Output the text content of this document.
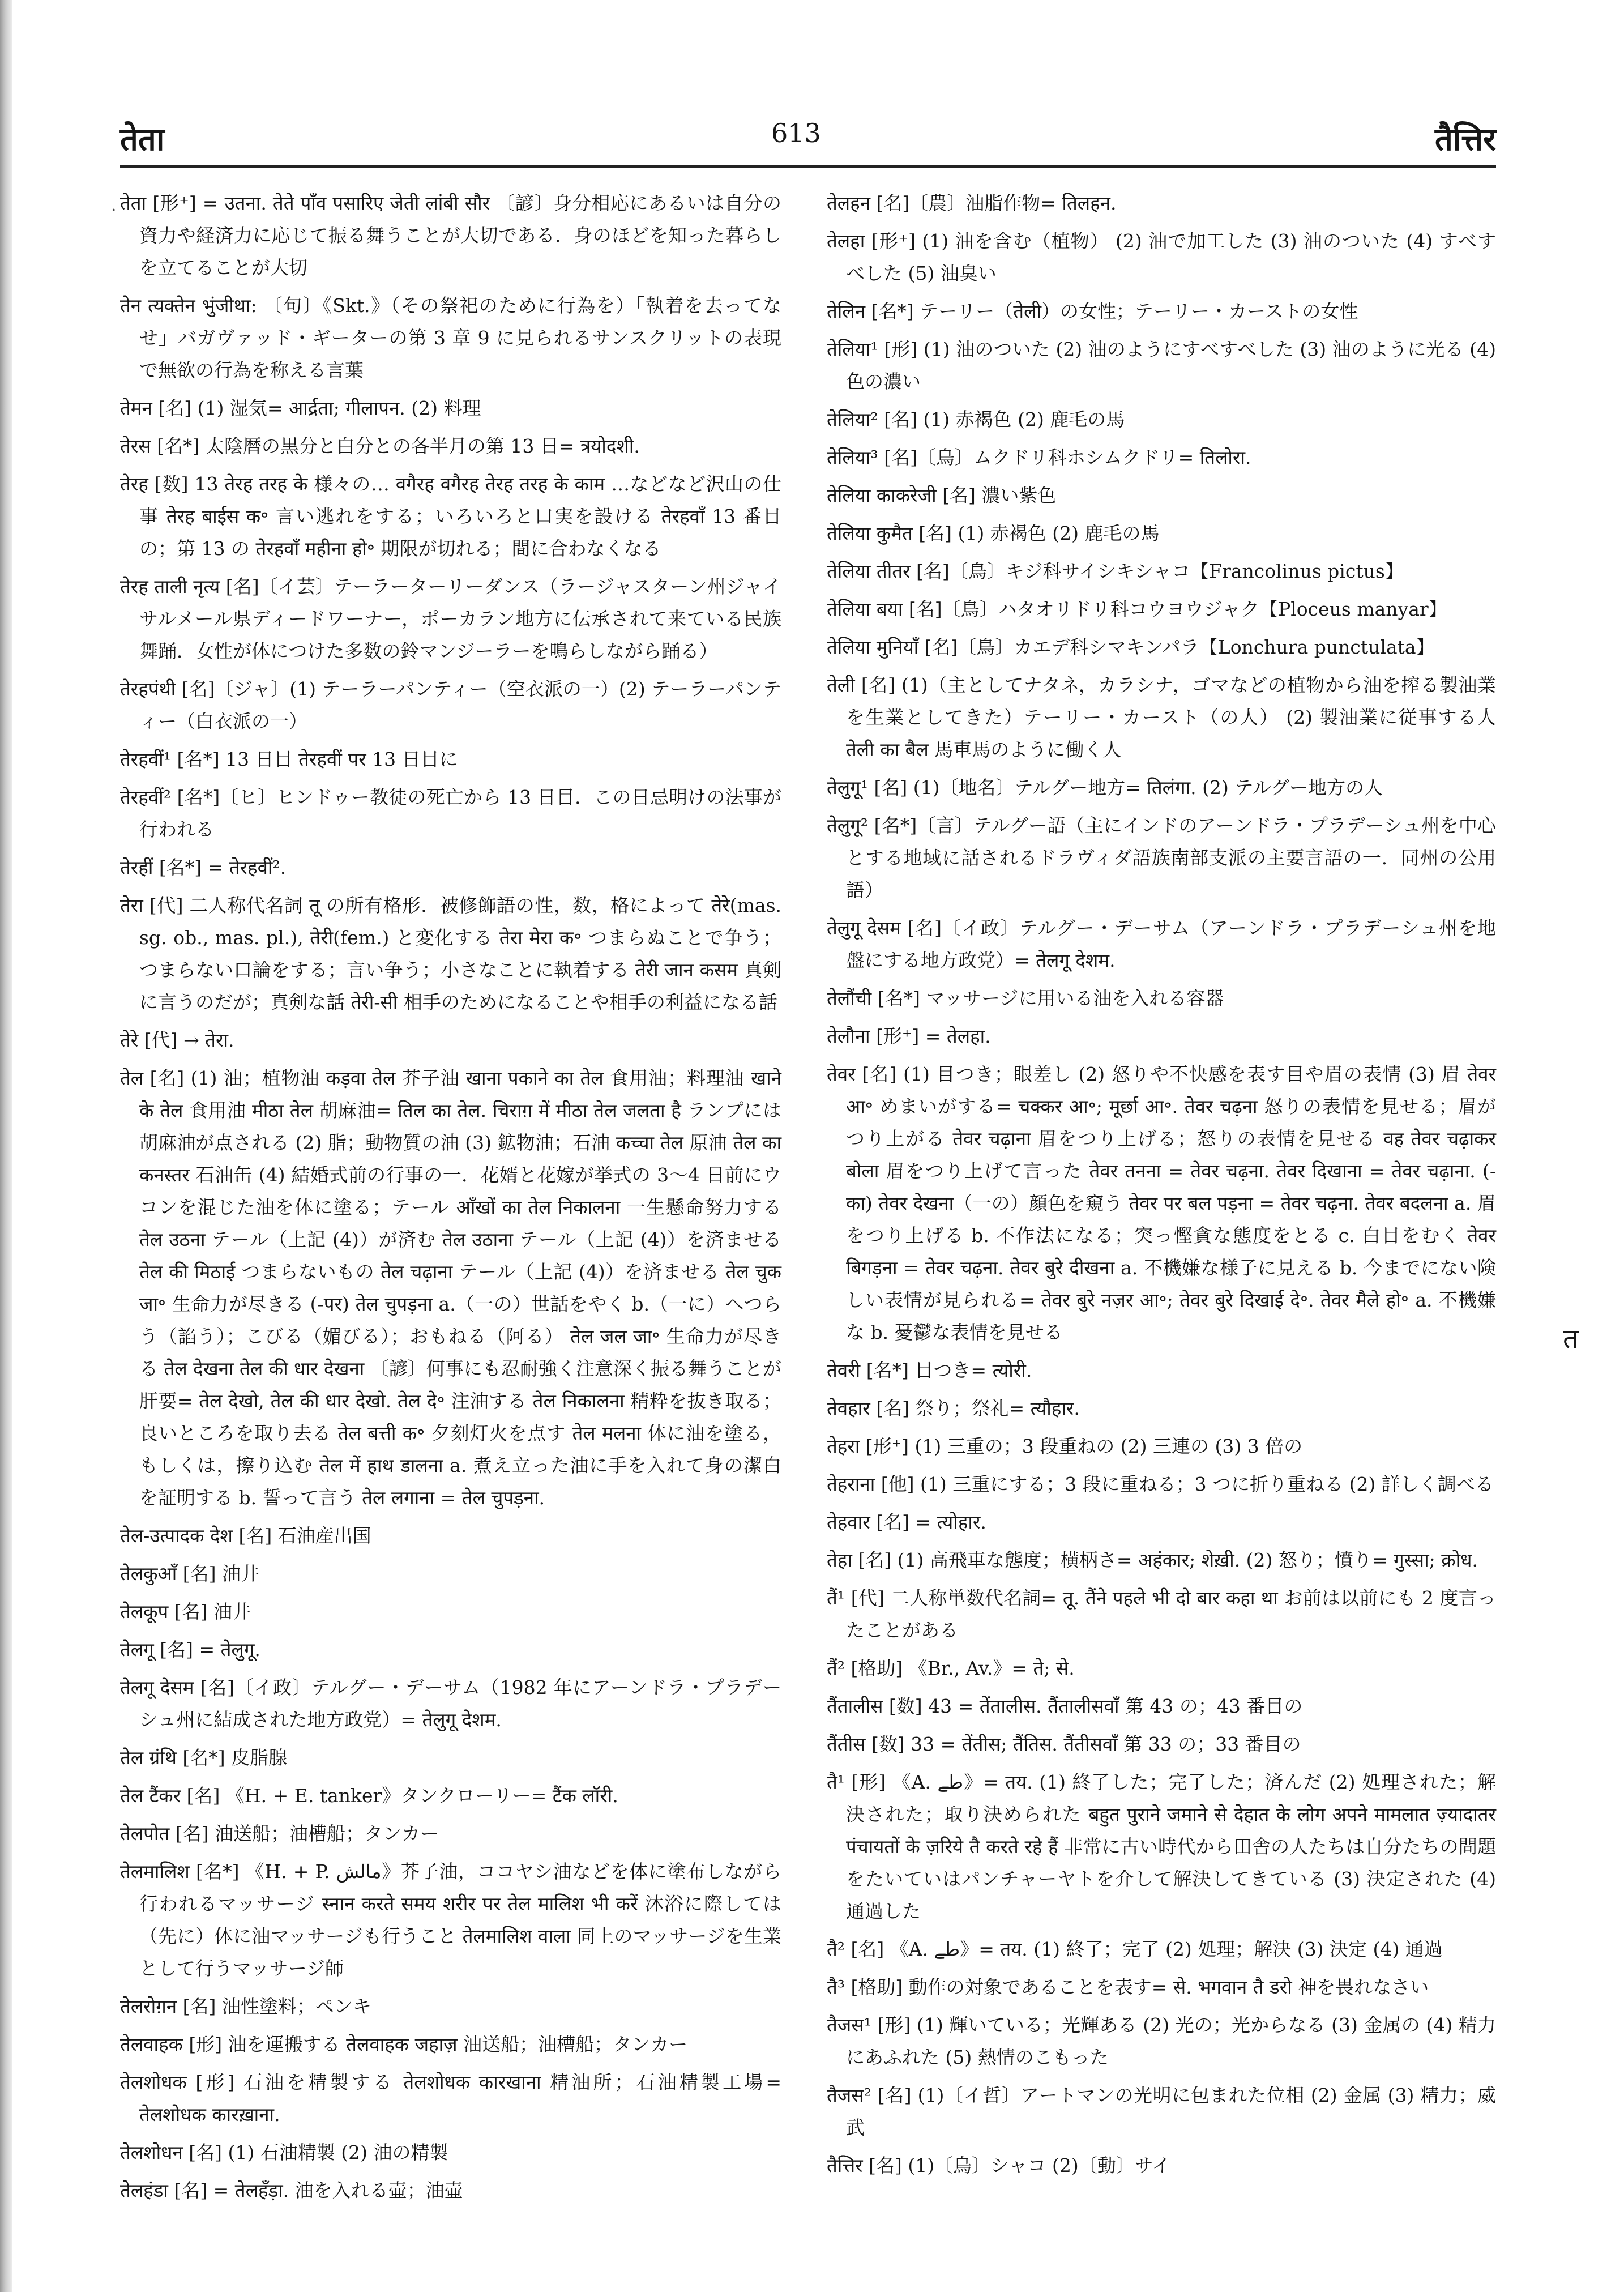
तेता	613	तैत्तिर
· तेता [形⁺] = उतना. तेते पाँव पसारिए जेती लांबी सौर 〔諺〕身分相応にあるいは自分の資力や経済力に応じて振る舞うことが大切である．身のほどを知った暮らしを立てることが大切

तेन त्यक्तेन भुंजीथा: 〔句〕《Skt.》（その祭祀のために行為を）「執着を去ってなせ」バガヴァッド・ギーターの第 3 章 9 に見られるサンスクリットの表現で無欲の行為を称える言葉

तेमन [名] (1) 湿気= आर्द्रता; गीलापन. (2) 料理

तेरस [名*] 太陰暦の黒分と白分との各半月の第 13 日= त्रयोदशी.

तेरह [数] 13 तेरह तरह के 様々の… वगैरह वगैरह तेरह तरह के काम …などなど沢山の仕事 तेरह बाईस क॰ 言い逃れをする；いろいろと口実を設ける तेरहवाँ 13 番目の；第 13 の तेरहवाँ महीना हो॰ 期限が切れる；間に合わなくなる

तेरह ताली नृत्य [名]〔イ芸〕テーラーターリーダンス（ラージャスターン州ジャイサルメール県ディードワーナー，ポーカラン地方に伝承されて来ている民族舞踊．女性が体につけた多数の鈴マンジーラーを鳴らしながら踊る）

तेरहपंथी [名]〔ジャ〕(1) テーラーパンティー（空衣派の一）(2) テーラーパンティー（白衣派の一）

तेरहवीं¹ [名*] 13 日目 तेरहवीं पर 13 日目に

तेरहवीं² [名*]〔ヒ〕ヒンドゥー教徒の死亡から 13 日目．この日忌明けの法事が行われる

तेरहीं [名*] = तेरहवीं².

तेरा [代] 二人称代名詞 तू の所有格形．被修飾語の性，数，格によって तेरे(mas. sg. ob., mas. pl.), तेरी(fem.) と変化する तेरा मेरा क॰ つまらぬことで争う；つまらない口論をする；言い争う；小さなことに執着する तेरी जान कसम 真剣に言うのだが；真剣な話 तेरी-सी 相手のためになることや相手の利益になる話

तेरे [代] → तेरा.

तेल [名] (1) 油；植物油 कड़वा तेल 芥子油 खाना पकाने का तेल 食用油；料理油 खाने के तेल 食用油 मीठा तेल 胡麻油= तिल का तेल. चिराग़ में मीठा तेल जलता है ランプには胡麻油が点される (2) 脂；動物質の油 (3) 鉱物油；石油 कच्चा तेल 原油 तेल का कनस्तर 石油缶 (4) 結婚式前の行事の一．花婿と花嫁が挙式の 3〜4 日前にウコンを混じた油を体に塗る；テール आँखों का तेल निकालना 一生懸命努力する तेल उठना テール（上記 (4)）が済む तेल उठाना テール（上記 (4)）を済ませる तेल की मिठाई つまらないもの तेल चढ़ाना テール（上記 (4)）を済ませる तेल चुक जा॰ 生命力が尽きる (-पर) तेल चुपड़ना a.（一の）世話をやく b.（一に）へつらう（諂う）；こびる（媚びる）；おもねる（阿る） तेल जल जा॰ 生命力が尽きる तेल देखना तेल की धार देखना 〔諺〕何事にも忍耐強く注意深く振る舞うことが肝要= तेल देखो, तेल की धार देखो. तेल दे॰ 注油する तेल निकालना 精粋を抜き取る；良いところを取り去る तेल बत्ती क॰ 夕刻灯火を点す तेल मलना 体に油を塗る，もしくは，擦り込む तेल में हाथ डालना a. 煮え立った油に手を入れて身の潔白を証明する b. 誓って言う तेल लगाना = तेल चुपड़ना.

तेल-उत्पादक देश [名] 石油産出国

तेलकुआँ [名] 油井

तेलकूप [名] 油井

तेलगू [名] = तेलुगू.

तेलगू देसम [名]〔イ政〕テルグー・デーサム（1982 年にアーンドラ・プラデーシュ州に結成された地方政党）= तेलुगू देशम.

तेल ग्रंथि [名*] 皮脂腺

तेल टैंकर [名] 《H. + E. tanker》タンクローリー= टैंक लॉरी.

तेलपोत [名] 油送船；油槽船；タンカー

तेलमालिश [名*] 《H. + P. مالش》芥子油，ココヤシ油などを体に塗布しながら行われるマッサージ स्नान करते समय शरीर पर तेल मालिश भी करें 沐浴に際しては（先に）体に油マッサージも行うこと तेलमालिश वाला 同上のマッサージを生業として行うマッサージ師

तेलरोग़न [名] 油性塗料；ペンキ

तेलवाहक [形] 油を運搬する तेलवाहक जहाज़ 油送船；油槽船；タンカー

तेलशोधक [形] 石油を精製する तेलशोधक कारखाना 精油所；石油精製工場= तेलशोधक कारख़ाना.

तेलशोधन [名] (1) 石油精製 (2) 油の精製

तेलहंडा [名] = तेलहँड़ा. 油を入れる壷；油壷

तेलहन [名]〔農〕油脂作物= तिलहन.

तेलहा [形⁺] (1) 油を含む（植物） (2) 油で加工した (3) 油のついた (4) すべすべした (5) 油臭い

तेलिन [名*] テーリー（तेली）の女性；テーリー・カーストの女性

तेलिया¹ [形] (1) 油のついた (2) 油のようにすべすべした (3) 油のように光る (4) 色の濃い

तेलिया² [名] (1) 赤褐色 (2) 鹿毛の馬

तेलिया³ [名]〔鳥〕ムクドリ科ホシムクドリ= तिलोरा.

तेलिया काकरेजी [名] 濃い紫色

तेलिया कुमैत [名] (1) 赤褐色 (2) 鹿毛の馬

तेलिया तीतर [名]〔鳥〕キジ科サイシキシャコ【Francolinus pictus】

तेलिया बया [名]〔鳥〕ハタオリドリ科コウヨウジャク【Ploceus manyar】

तेलिया मुनियाँ [名]〔鳥〕カエデ科シマキンパラ【Lonchura punctulata】

तेली [名] (1)（主としてナタネ，カラシナ，ゴマなどの植物から油を搾る製油業を生業としてきた）テーリー・カースト（の人） (2) 製油業に従事する人 तेली का बैल 馬車馬のように働く人

तेलुगू¹ [名] (1)〔地名〕テルグー地方= तिलंगा. (2) テルグー地方の人

तेलुगू² [名*]〔言〕テルグー語（主にインドのアーンドラ・プラデーシュ州を中心とする地域に話されるドラヴィダ語族南部支派の主要言語の一．同州の公用語）

तेलुगू देसम [名]〔イ政〕テルグー・デーサム（アーンドラ・プラデーシュ州を地盤にする地方政党）= तेलगू देशम.

तेलौंची [名*] マッサージに用いる油を入れる容器

तेलौना [形⁺] = तेलहा.

तेवर [名] (1) 目つき；眼差し (2) 怒りや不快感を表す目や眉の表情 (3) 眉 तेवर आ॰ めまいがする= चक्कर आ॰; मूर्छा आ॰. तेवर चढ़ना 怒りの表情を見せる；眉がつり上がる तेवर चढ़ाना 眉をつり上げる；怒りの表情を見せる वह तेवर चढ़ाकर बोला 眉をつり上げて言った तेवर तनना = तेवर चढ़ना. तेवर दिखाना = तेवर चढ़ाना. (-का) तेवर देखना（一の）顔色を窺う तेवर पर बल पड़ना = तेवर चढ़ना. तेवर बदलना a. 眉をつり上げる b. 不作法になる；突っ慳貪な態度をとる c. 白目をむく तेवर बिगड़ना = तेवर चढ़ना. तेवर बुरे दीखना a. 不機嫌な様子に見える b. 今までにない険しい表情が見られる= तेवर बुरे नज़र आ॰; तेवर बुरे दिखाई दे॰. तेवर मैले हो॰ a. 不機嫌な b. 憂鬱な表情を見せる

तेवरी [名*] 目つき= त्योरी.

तेवहार [名] 祭り；祭礼= त्यौहार.

तेहरा [形⁺] (1) 三重の；3 段重ねの (2) 三連の (3) 3 倍の

तेहराना [他] (1) 三重にする；3 段に重ねる；3 つに折り重ねる (2) 詳しく調べる

तेहवार [名] = त्योहार.

तेहा [名] (1) 高飛車な態度；横柄さ= अहंकार; शेख़ी. (2) 怒り；憤り= गुस्सा; क्रोध.

तैं¹ [代] 二人称単数代名詞= तू. तैंने पहले भी दो बार कहा था お前は以前にも 2 度言ったことがある

तैं² [格助] 《Br., Av.》= ते; से.

तैंतालीस [数] 43 = तेंतालीस. तैंतालीसवाँ 第 43 の；43 番目の

तैंतीस [数] 33 = तेंतीस; तैंतिस. तैंतीसवाँ 第 33 の；33 番目の

तै¹ [形] 《A. طے》= तय. (1) 終了した；完了した；済んだ (2) 処理された；解決された；取り決められた बहुत पुराने जमाने से देहात के लोग अपने मामलात ज़्यादातर पंचायतों के ज़रिये तै करते रहे हैं 非常に古い時代から田舎の人たちは自分たちの問題をたいていはパンチャーヤトを介して解決してきている (3) 決定された (4) 通過した

तै² [名] 《A. طے》= तय. (1) 終了；完了 (2) 処理；解決 (3) 決定 (4) 通過

तै³ [格助] 動作の対象であることを表す= से. भगवान तै डरो 神を畏れなさい

तैजस¹ [形] (1) 輝いている；光輝ある (2) 光の；光からなる (3) 金属の (4) 精力にあふれた (5) 熱情のこもった

तैजस² [名] (1)〔イ哲〕アートマンの光明に包まれた位相 (2) 金属 (3) 精力；威武

तैत्तिर [名] (1)〔鳥〕シャコ (2)〔動〕サイ

त
